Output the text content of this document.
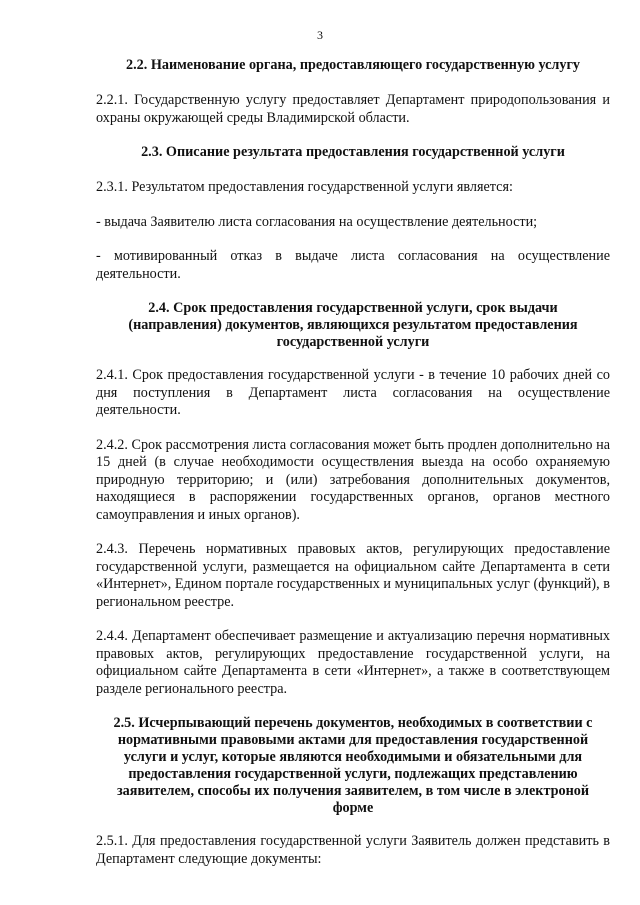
3
2.2. Наименование органа, предоставляющего государственную услугу

2.2.1. Государственную услугу предоставляет Департамент природопользования и охраны окружающей среды Владимирской области.

2.3. Описание результата предоставления государственной услуги

2.3.1. Результатом предоставления государственной услуги является:

- выдача Заявителю листа согласования на осуществление деятельности;

- мотивированный отказ в выдаче листа согласования на осуществление деятельности.

2.4. Срок предоставления государственной услуги, срок выдачи (направления) документов, являющихся результатом предоставления государственной услуги

2.4.1. Срок предоставления государственной услуги - в течение 10 рабочих дней со дня поступления в Департамент листа согласования на осуществление деятельности.

2.4.2. Срок рассмотрения листа согласования может быть продлен дополнительно на 15 дней (в случае необходимости осуществления выезда на особо охраняемую природную территорию; и (или) затребования дополнительных документов, находящиеся в распоряжении государственных органов, органов местного самоуправления и иных органов).

2.4.3. Перечень нормативных правовых актов, регулирующих предоставление государственной услуги, размещается на официальном сайте Департамента в сети «Интернет», Едином портале государственных и муниципальных услуг (функций), в региональном реестре.

2.4.4. Департамент обеспечивает размещение и актуализацию перечня нормативных правовых актов, регулирующих предоставление государственной услуги, на официальном сайте Департамента в сети «Интернет», а также в соответствующем разделе регионального реестра.

2.5. Исчерпывающий перечень документов, необходимых в соответствии с нормативными правовыми актами для предоставления государственной услуги и услуг, которые являются необходимыми и обязательными для предоставления государственной услуги, подлежащих представлению заявителем, способы их получения заявителем, в том числе в электроной форме

2.5.1. Для предоставления государственной услуги Заявитель должен представить в Департамент следующие документы:
